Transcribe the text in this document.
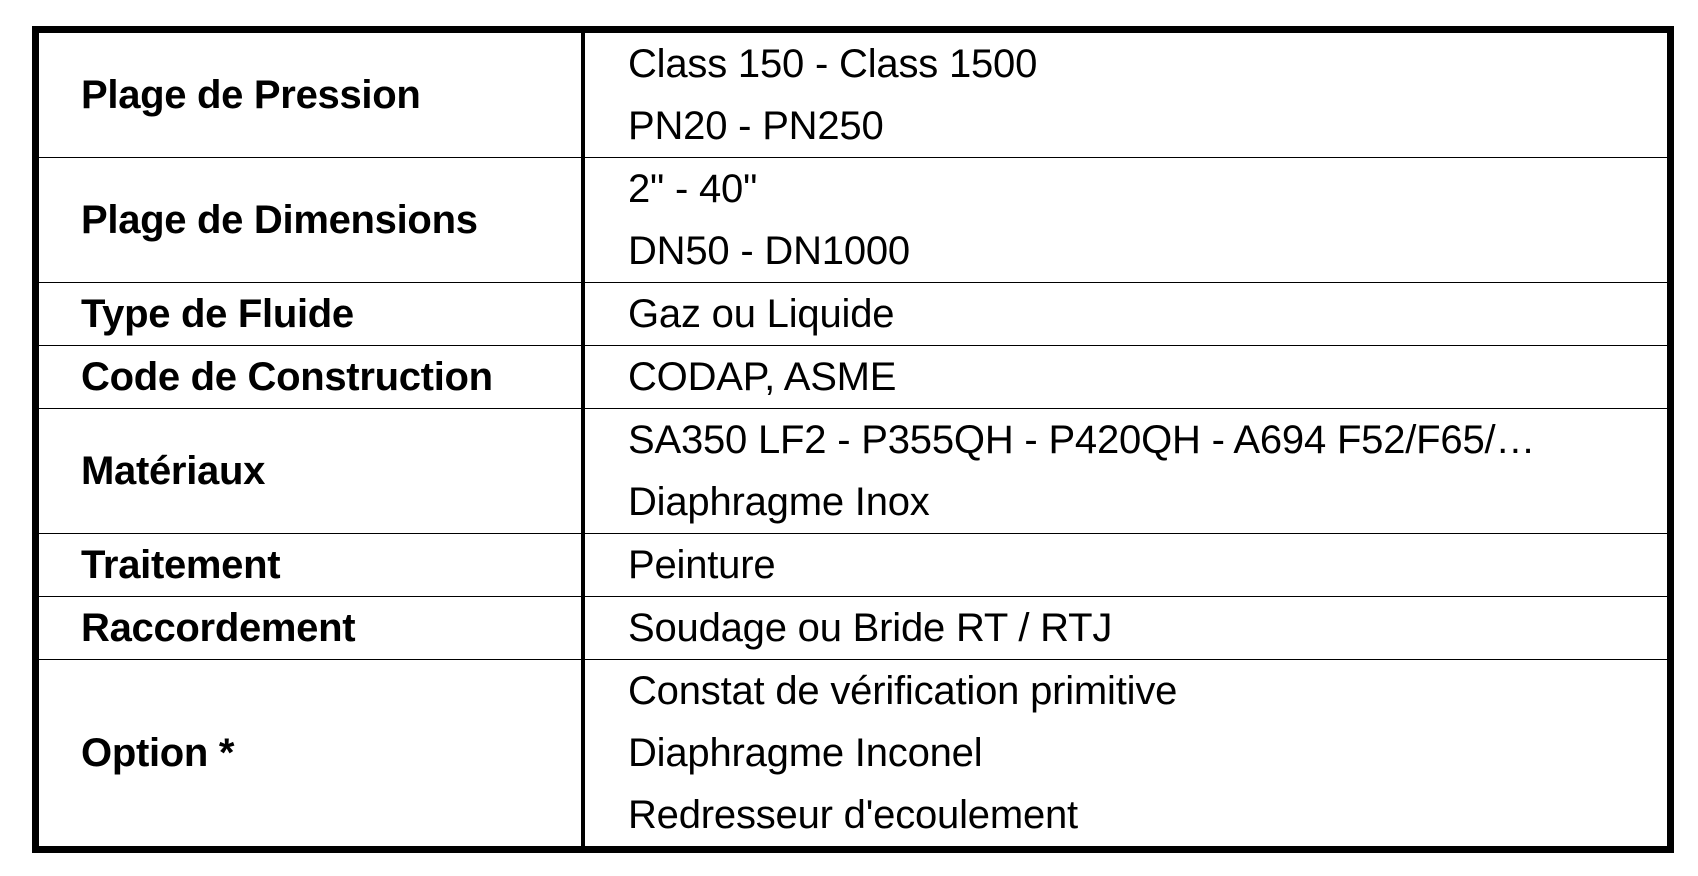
Plage de Pression	Class 150 - Class 1500
PN20 - PN250

Plage de Dimensions	2" - 40"
DN50 - DN1000

Type de Fluide	Gaz ou Liquide

Code de Construction	CODAP, ASME

Matériaux	SA350 LF2 - P355QH - P420QH - A694 F52/F65/…
Diaphragme Inox

Traitement	Peinture

Raccordement	Soudage ou Bride RT / RTJ

Option *	Constat de vérification primitive
Diaphragme Inconel
Redresseur d'ecoulement
